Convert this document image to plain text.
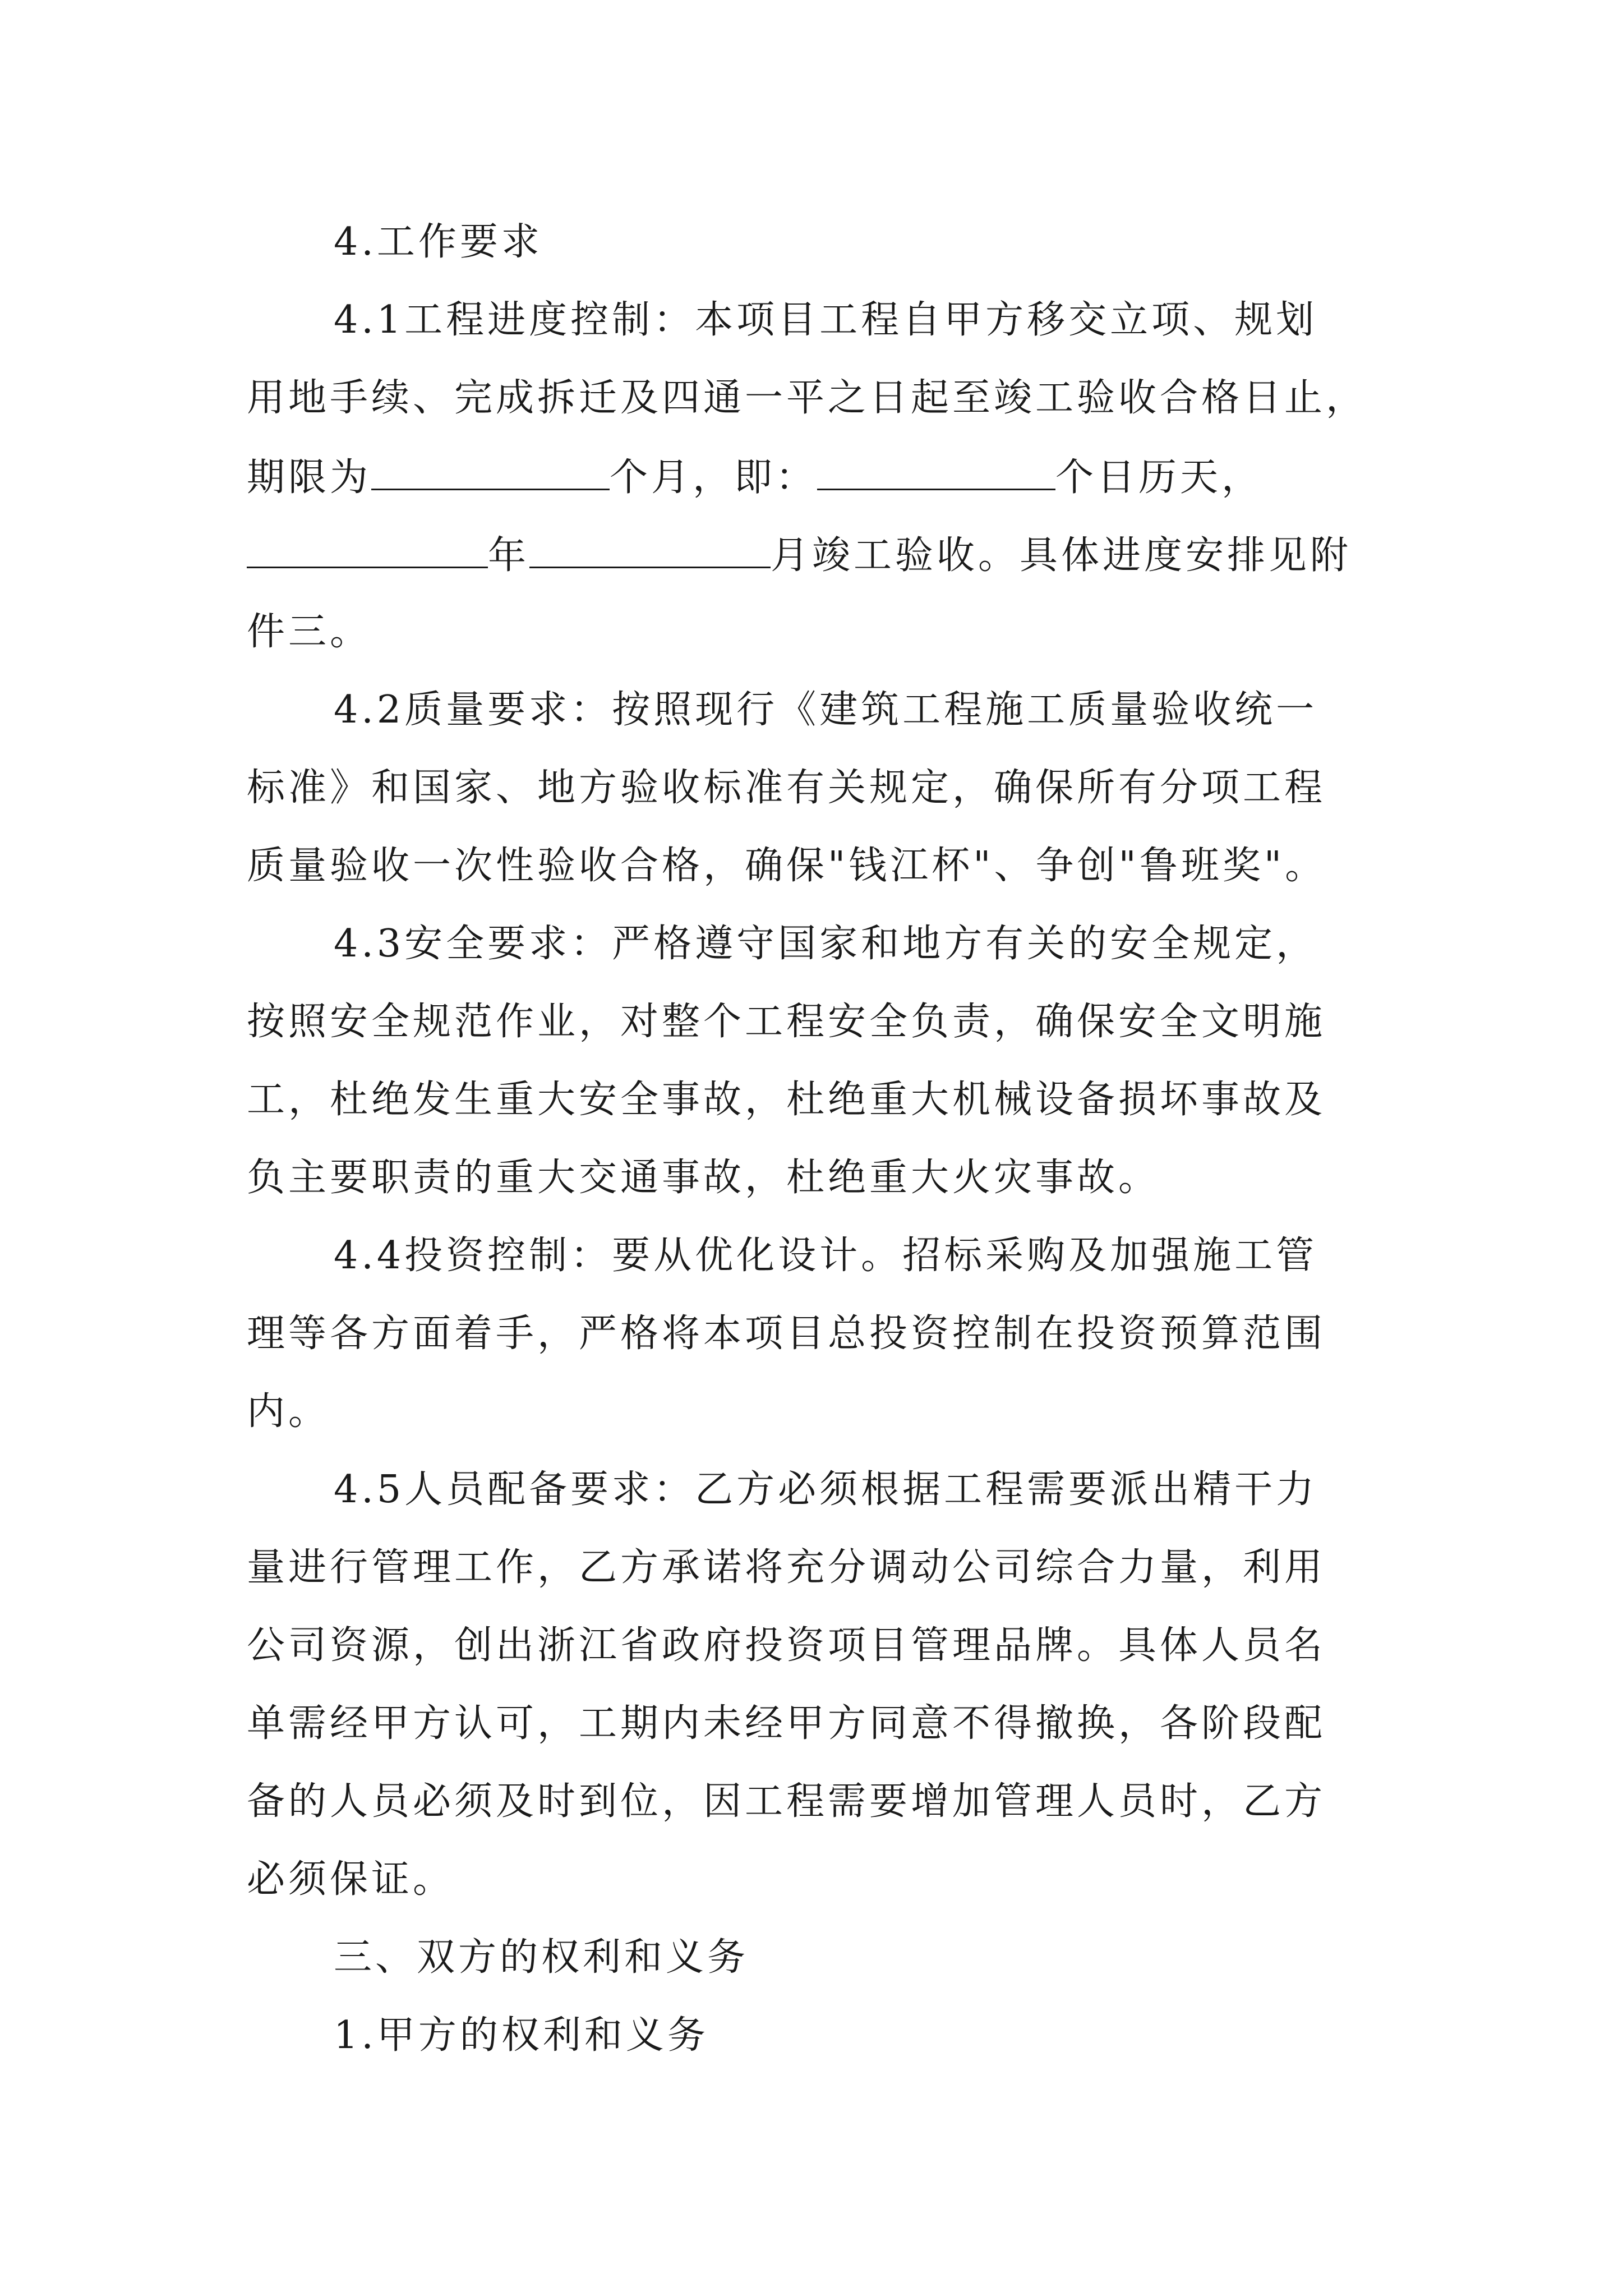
4.工作要求
4.1工程进度控制：本项目工程自甲方移交立项、规划
用地手续、完成拆迁及四通一平之日起至竣工验收合格日止，
期限为	个月，即：	个日历天，
年	月竣工验收。具体进度安排见附
件三。
4.2质量要求：按照现行《建筑工程施工质量验收统一
标准》和国家、地方验收标准有关规定，确保所有分项工程
质量验收一次性验收合格，确保"钱江杯"、争创"鲁班奖"。
4.3安全要求：严格遵守国家和地方有关的安全规定，
按照安全规范作业，对整个工程安全负责，确保安全文明施
工，杜绝发生重大安全事故，杜绝重大机械设备损坏事故及
负主要职责的重大交通事故，杜绝重大火灾事故。
4.4投资控制：要从优化设计。招标采购及加强施工管
理等各方面着手，严格将本项目总投资控制在投资预算范围
内。
4.5人员配备要求：乙方必须根据工程需要派出精干力
量进行管理工作，乙方承诺将充分调动公司综合力量，利用
公司资源，创出浙江省政府投资项目管理品牌。具体人员名
单需经甲方认可，工期内未经甲方同意不得撤换，各阶段配
备的人员必须及时到位，因工程需要增加管理人员时，乙方
必须保证。
三、双方的权利和义务
1.甲方的权利和义务
